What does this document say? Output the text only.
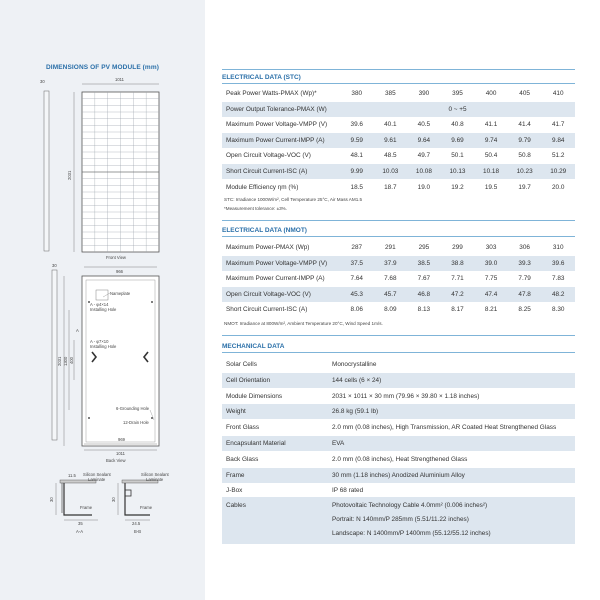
DIMENSIONS OF PV MODULE (mm)
30	1011
2031
Front View
30
966
Nameplate
A - φ4×14
Installing Hole
A
A - φ7×10
Installing Hole
2031 1300 400
6-Grounding Hole
12-Drain Hole
969
1011
Back View
11.5 Silicon Sealant
Laminate
30
Frame
35
A-A
Silicon Sealant
Laminate
30
Frame
24.5
B-B
ELECTRICAL DATA (STC)
Peak Power Watts-PMAX (Wp)*	380	385	390	395	400	405	410
Power Output Tolerance-PMAX (W)	0 ~ +5
Maximum Power Voltage-VMPP (V)	39.6	40.1	40.5	40.8	41.1	41.4	41.7
Maximum Power Current-IMPP (A)	9.59	9.61	9.64	9.69	9.74	9.79	9.84
Open Circuit Voltage-VOC (V)	48.1	48.5	49.7	50.1	50.4	50.8	51.2
Short Circuit Current-ISC (A)	9.99	10.03	10.08	10.13	10.18	10.23	10.29
Module Efficiency ηm (%)	18.5	18.7	19.0	19.2	19.5	19.7	20.0
STC: Irradiance 1000W/m², Cell Temperature 25°C, Air Mass AM1.5
*Measurement tolerance: ±3%.
ELECTRICAL DATA (NMOT)
Maximum Power-PMAX (Wp)	287	291	295	299	303	306	310
Maximum Power Voltage-VMPP (V)	37.5	37.9	38.5	38.8	39.0	39.3	39.6
Maximum Power Current-IMPP (A)	7.64	7.68	7.67	7.71	7.75	7.79	7.83
Open Circuit Voltage-VOC (V)	45.3	45.7	46.8	47.2	47.4	47.8	48.2
Short Circuit Current-ISC (A)	8.06	8.09	8.13	8.17	8.21	8.25	8.30
NMOT: Irradiance at 800W/m², Ambient Temperature 20°C, Wind Speed 1m/s.
MECHANICAL DATA
Solar Cells	Monocrystalline
Cell Orientation	144 cells (6 × 24)
Module Dimensions	2031 × 1011 × 30 mm (79.96 × 39.80 × 1.18 inches)
Weight	26.8 kg (59.1 lb)
Front Glass	2.0 mm (0.08 inches), High Transmission, AR Coated Heat Strengthened Glass
Encapsulant Material	EVA
Back Glass	2.0 mm (0.08 inches), Heat Strengthened Glass
Frame	30 mm (1.18 inches) Anodized Aluminium Alloy
J-Box	IP 68 rated
Cables	Photovoltaic Technology Cable 4.0mm² (0.006 inches²)
Portrait: N 140mm/P 285mm (5.51/11.22 inches)
Landscape: N 1400mm/P 1400mm (55.12/55.12 inches)
